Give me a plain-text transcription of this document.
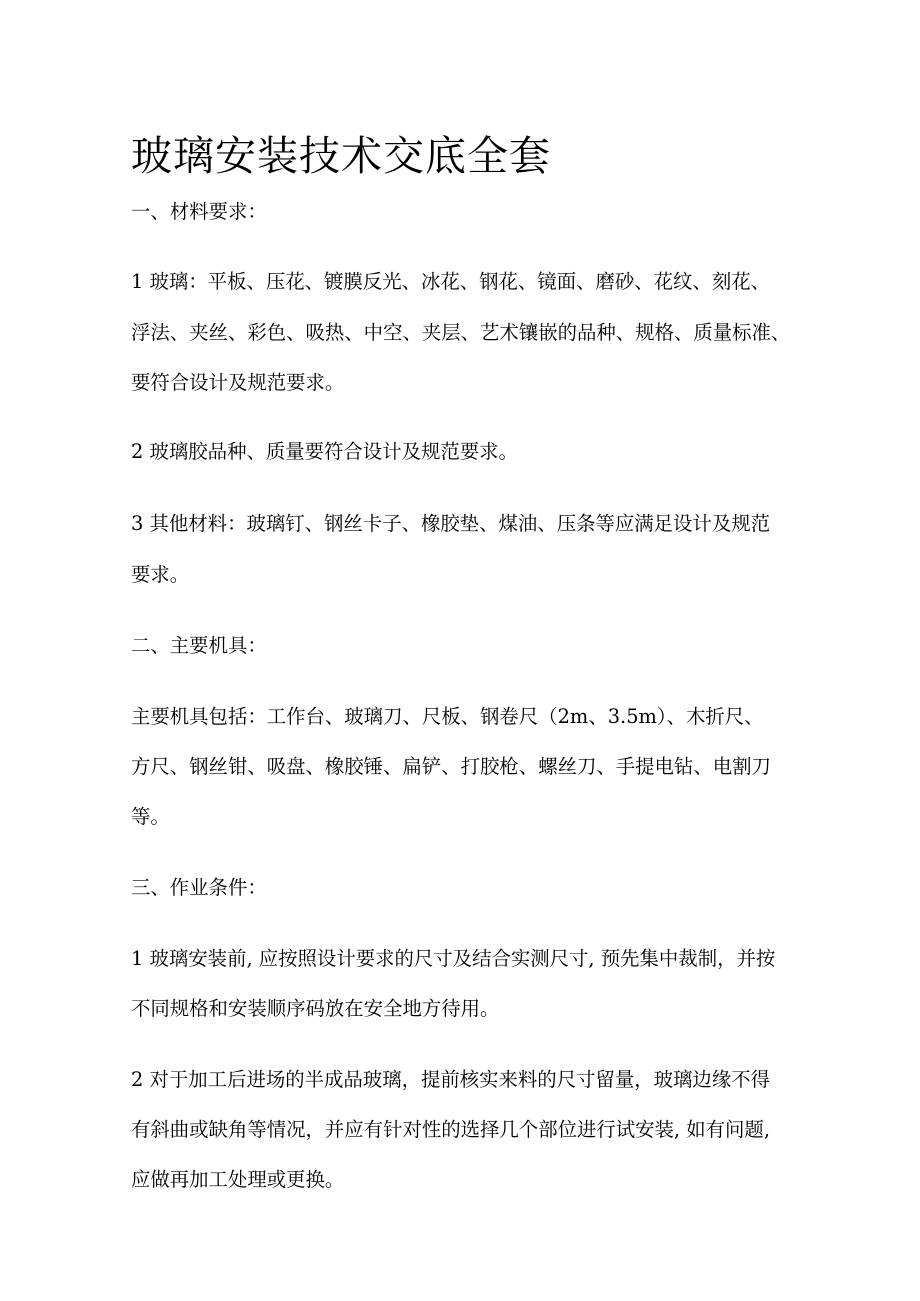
玻璃安装技术交底全套

一、材料要求：

1 玻璃：平板、压花、镀膜反光、冰花、钢花、镜面、磨砂、花纹、刻花、

浮法、夹丝、彩色、吸热、中空、夹层、艺术镶嵌的品种、规格、质量标准、

要符合设计及规范要求。

2 玻璃胶品种、质量要符合设计及规范要求。

3 其他材料：玻璃钉、钢丝卡子、橡胶垫、煤油、压条等应满足设计及规范

要求。

二、主要机具：

主要机具包括：工作台、玻璃刀、尺板、钢卷尺（2m、3.5m）、木折尺、

方尺、钢丝钳、吸盘、橡胶锤、扁铲、打胶枪、螺丝刀、手提电钻、电割刀

等。

三、作业条件：

1 玻璃安装前, 应按照设计要求的尺寸及结合实测尺寸, 预先集中裁制，并按

不同规格和安装顺序码放在安全地方待用。

2 对于加工后进场的半成品玻璃，提前核实来料的尺寸留量，玻璃边缘不得

有斜曲或缺角等情况，并应有针对性的选择几个部位进行试安装, 如有问题,

应做再加工处理或更换。
